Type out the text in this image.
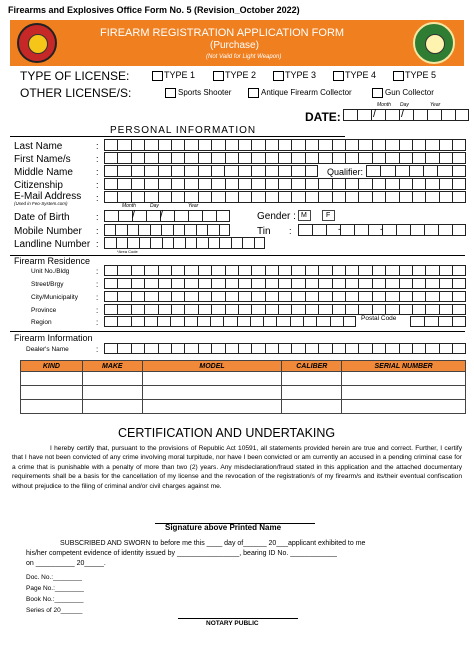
Firearms and Explosives Office Form No. 5 (Revision_October 2022)
FIREARM REGISTRATION APPLICATION FORM
(Purchase)
(Not Valid for Light Weapon)
TYPE OF LICENSE:	TYPE 1	TYPE 2	TYPE 3	TYPE 4	TYPE 5
OTHER LICENSE/S:	Sports Shooter	Antique Firearm Collector	Gun Collector
Month Day	Year
DATE:	/ /
PERSONAL INFORMATION
Last Name	:
First Name/s	:
Middle Name	:	Qualifier:
Citizenship	:
E-Mail Address
(Used in Feo-System.com)
:
Month	Day	Year
Date of Birth	:	/ /	Gender : M	F
Mobile Number :	Tin :	-	-
Landline Number :
*Area Code
Firearm Residence
Unit No./Bldg	:
Street/Brgy	:
City/Municipality :
Province	:
Region	:	Postal Code
Firearm Information
Dealer's Name	:
KIND	MAKE	MODEL	CALIBER	SERIAL NUMBER

CERTIFICATION AND UNDERTAKING
I hereby certify that, pursuant to the provisions of Republic Act 10591, all statements provided herein are true and correct. Further, I certify that I have not been convicted of any crime involving moral turpitude, nor have I been convicted or am currently an accused in a pending criminal case for a crime that is punishable with a penalty of more than two (2) years. Any misdeclaration/fraud stated in this application and the attached documentary requirements shall be a basis for the cancellation of my license and the revocation of the registration/s of my firearm/s and its/their eventual confiscation without prejudice to the filing of criminal and/or civil charges against me.
Signature above Printed Name
SUBSCRIBED AND SWORN to before me this ____ day of______ 20___applicant exhibited to me
his/her competent evidence of identity issued by ________________, bearing ID No. ____________
on __________ 20_____.
Doc. No.:________
Page No.:________
Book No.:________
Series of 20______
NOTARY PUBLIC
